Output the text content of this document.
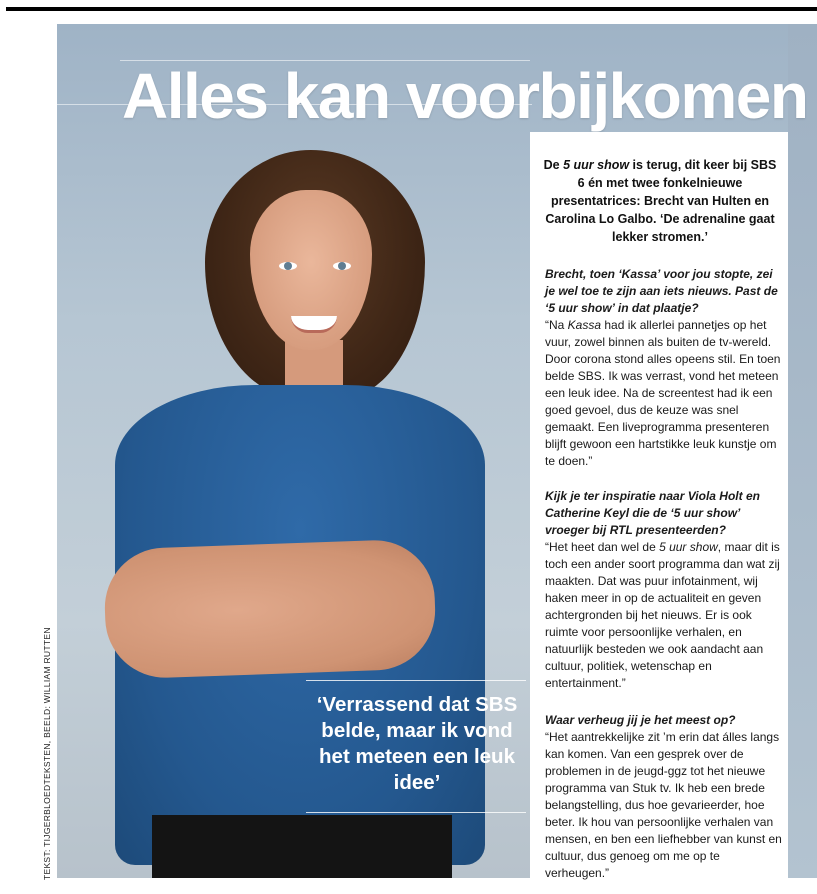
Alles kan voorbijkomen

De 5 uur show is terug, dit keer bij SBS 6 én met twee fonkelnieuwe presentatrices: Brecht van Hulten en Carolina Lo Galbo. ‘De adrenaline gaat lekker stromen.’

Brecht, toen ‘Kassa’ voor jou stopte, zei je wel toe te zijn aan iets nieuws. Past de ‘5 uur show’ in dat plaatje?
“Na Kassa had ik allerlei pannetjes op het vuur, zowel binnen als buiten de tv-wereld. Door corona stond alles opeens stil. En toen belde SBS. Ik was verrast, vond het meteen een leuk idee. Na de screentest had ik een goed gevoel, dus de keuze was snel gemaakt. Een liveprogramma presenteren blijft gewoon een hartstikke leuk kunstje om te doen.”

Kijk je ter inspiratie naar Viola Holt en Catherine Keyl die de ‘5 uur show’ vroeger bij RTL presenteerden?
“Het heet dan wel de 5 uur show, maar dit is toch een ander soort programma dan wat zij maakten. Dat was puur infotainment, wij haken meer in op de actualiteit en geven achtergronden bij het nieuws. Er is ook ruimte voor persoonlijke verhalen, en natuurlijk besteden we ook aandacht aan cultuur, politiek, wetenschap en entertainment.”

Waar verheug jij je het meest op?
“Het aantrekkelijke zit ’m erin dat álles langs kan komen. Van een gesprek over de problemen in de jeugd-ggz tot het nieuwe programma van Stuk tv. Ik heb een brede belangstelling, dus hoe gevarieerder, hoe beter. Ik hou van persoonlijke verhalen van mensen, en ben een liefhebber van kunst en cultuur, dus genoeg om me op te verheugen.”

‘Verrassend dat SBS belde, maar ik vond het meteen een leuk idee’

TEKST: TIJGERBLOEDTEKSTEN, BEELD: WILLIAM RUTTEN
